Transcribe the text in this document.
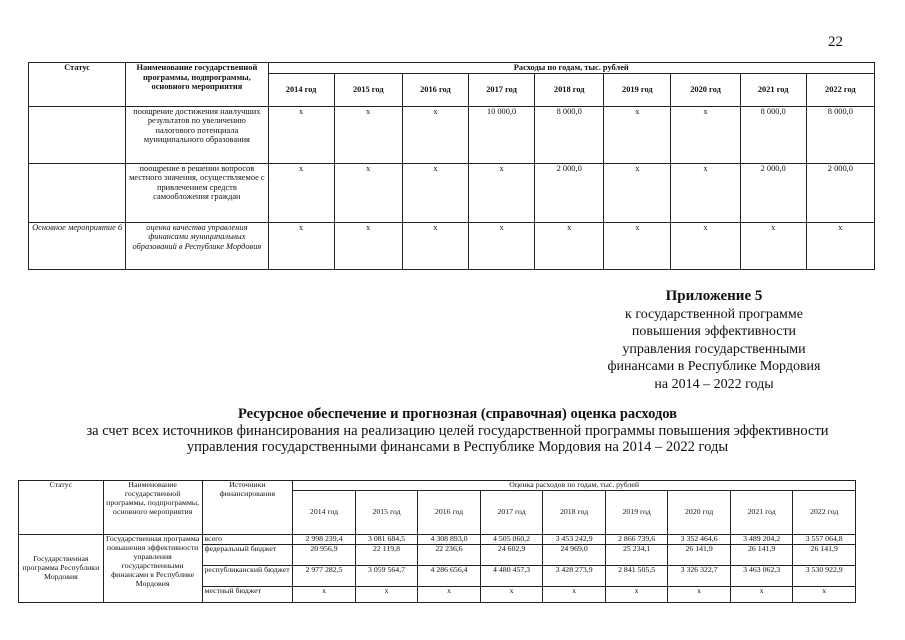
22
Статус	Наименование государственной программы, подпрограммы, основного мероприятия	Расходы по годам, тыс. рублей								
		2014 год	2015 год	2016 год	2017 год	2018 год	2019 год	2020 год	2021 год	2022 год
	поощрение достижения наилучших результатов по увеличению налогового потенциала муниципального образования	х	х	х	10 000,0	8 000,0	х	х	8 000,0	8 000,0
	поощрение в решении вопросов местного значения, осуществляемое с привлечением средств самообложения граждан	х	х	х	х	2 000,0	х	х	2 000,0	2 000,0
Основное мероприятие 6	оценка качества управления финансами муниципальных образований в Республике Мордовия	х	х	х	х	х	х	х	х	х
Приложение 5
к государственной программе
повышения эффективности
управления государственными
финансами в Республике Мордовия
на 2014 – 2022 годы
Ресурсное обеспечение и прогнозная (справочная) оценка расходов
за счет всех источников финансирования на реализацию целей государственной программы повышения эффективности
управления государственными финансами в Республике Мордовия на 2014 – 2022 годы
Статус	Наименование государственной программы, подпрограммы, основного мероприятия	Источники финансирования	Оценка расходов по годам, тыс. рублей								
			2014 год	2015 год	2016 год	2017 год	2018 год	2019 год	2020 год	2021 год	2022 год
Государственная программа Республики Мордовия	Государственная программа повышения эффективности управления государственными финансами в Республике Мордовия	всего	2 998 239,4	3 081 684,5	4 308 893,0	4 505 060,2	3 453 242,9	2 866 739,6	3 352 464,6	3 489 204,2	3 557 064,8
		федеральный бюджет	20 956,9	22 119,8	22 236,6	24 602,9	24 969,0	25 234,1	26 141,9	26 141,9	26 141,9
		республиканский бюджет	2 977 282,5	3 059 564,7	4 286 656,4	4 480 457,3	3 428 273,9	2 841 505,5	3 326 322,7	3 463 062,3	3 530 922,9
		местный бюджет	х	х	х	х	х	х	х	х	х
